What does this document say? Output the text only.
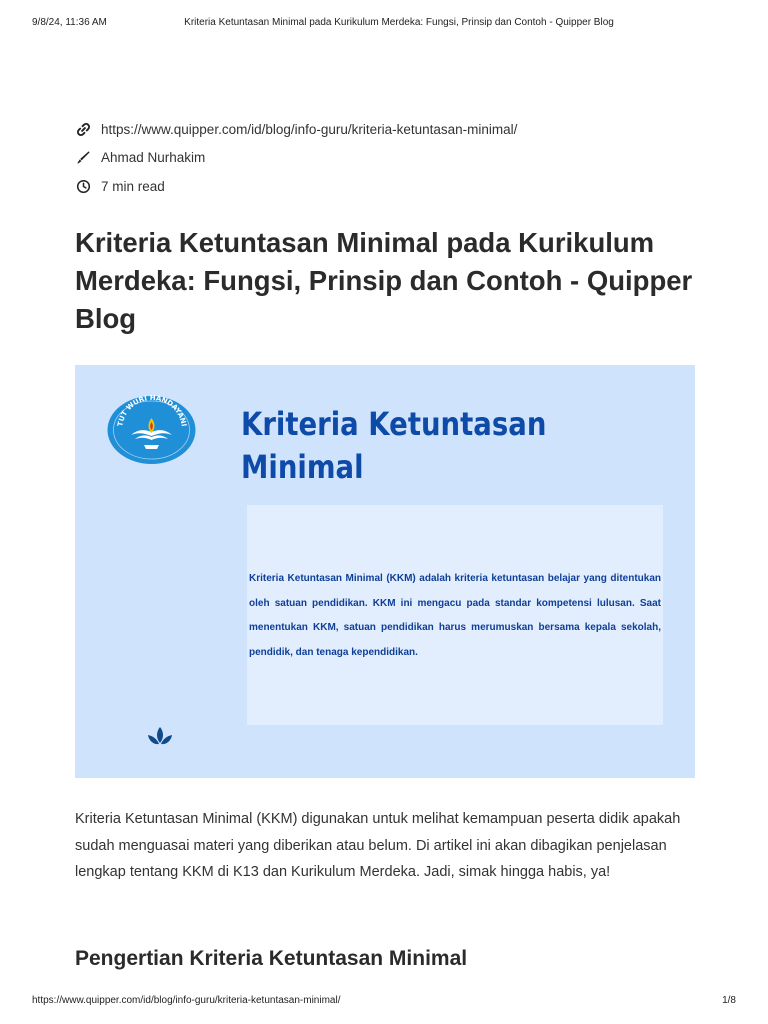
9/8/24, 11:36 AM	Kriteria Ketuntasan Minimal pada Kurikulum Merdeka: Fungsi, Prinsip dan Contoh - Quipper Blog
https://www.quipper.com/id/blog/info-guru/kriteria-ketuntasan-minimal/
Ahmad Nurhakim
7 min read
Kriteria Ketuntasan Minimal pada Kurikulum Merdeka: Fungsi, Prinsip dan Contoh - Quipper Blog
TUT WURI HANDAYANI Kriteria Ketuntasan
Minimal

Kriteria Ketuntasan Minimal (KKM) adalah kriteria ketuntasan belajar yang ditentukan oleh satuan pendidikan. KKM ini mengacu pada standar kompetensi lulusan. Saat menentukan KKM, satuan pendidikan harus merumuskan bersama kepala sekolah, pendidik, dan tenaga kependidikan.

Kriteria Ketuntasan Minimal (KKM) digunakan untuk melihat kemampuan peserta didik apakah sudah menguasai materi yang diberikan atau belum. Di artikel ini akan dibagikan penjelasan lengkap tentang KKM di K13 dan Kurikulum Merdeka. Jadi, simak hingga habis, ya!

Pengertian Kriteria Ketuntasan Minimal
https://www.quipper.com/id/blog/info-guru/kriteria-ketuntasan-minimal/	1/8
